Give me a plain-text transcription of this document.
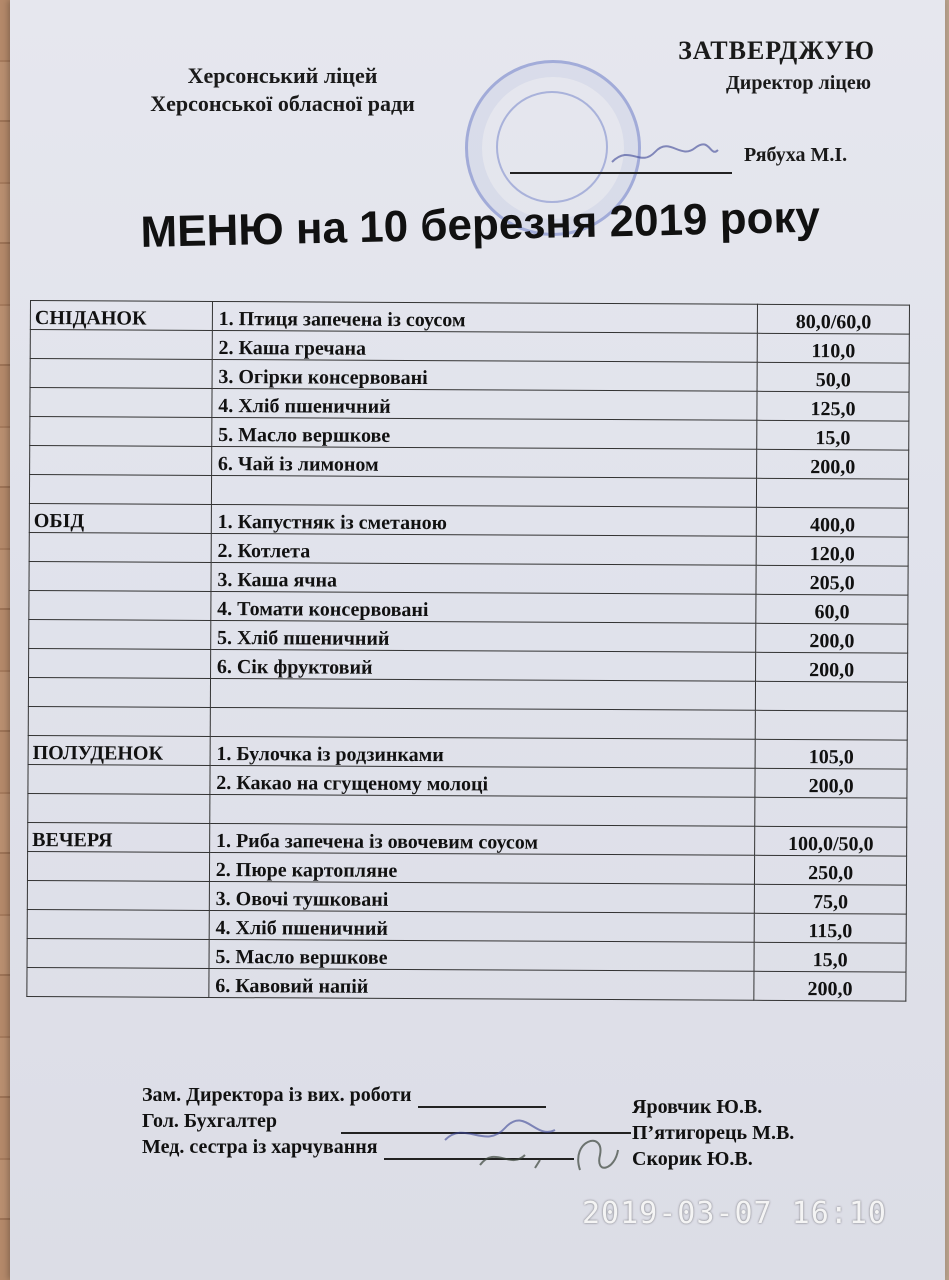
Херсонський ліцей
Херсонської обласної ради
ЗАТВЕРДЖУЮ
Директор ліцею
Рябуха М.І.
МЕНЮ на 10 березня 2019 року
СНІДАНОК	1. Птиця запечена із соусом	80,0/60,0
	2. Каша гречана	110,0
	3. Огірки консервовані	50,0
	4. Хліб пшеничний	125,0
	5. Масло вершкове	15,0
	6. Чай із лимоном	200,0

ОБІД	1. Капустняк із сметаною	400,0
	2. Котлета	120,0
	3. Каша ячна	205,0
	4. Томати консервовані	60,0
	5. Хліб пшеничний	200,0
	6. Сік фруктовий	200,0

ПОЛУДЕНОК	1. Булочка із родзинками	105,0
	2. Какао на сгущеному молоці	200,0

ВЕЧЕРЯ	1. Риба запечена із овочевим соусом	100,0/50,0
	2. Пюре картопляне	250,0
	3. Овочі тушковані	75,0
	4. Хліб пшеничний	115,0
	5. Масло вершкове	15,0
	6. Кавовий напій	200,0
Зам. Директора із вих. роботи
Гол. Бухгалтер
Мед. сестра із харчування
Яровчик Ю.В.
П’ятигорець М.В.
Скорик Ю.В.
2019-03-07 16:10
